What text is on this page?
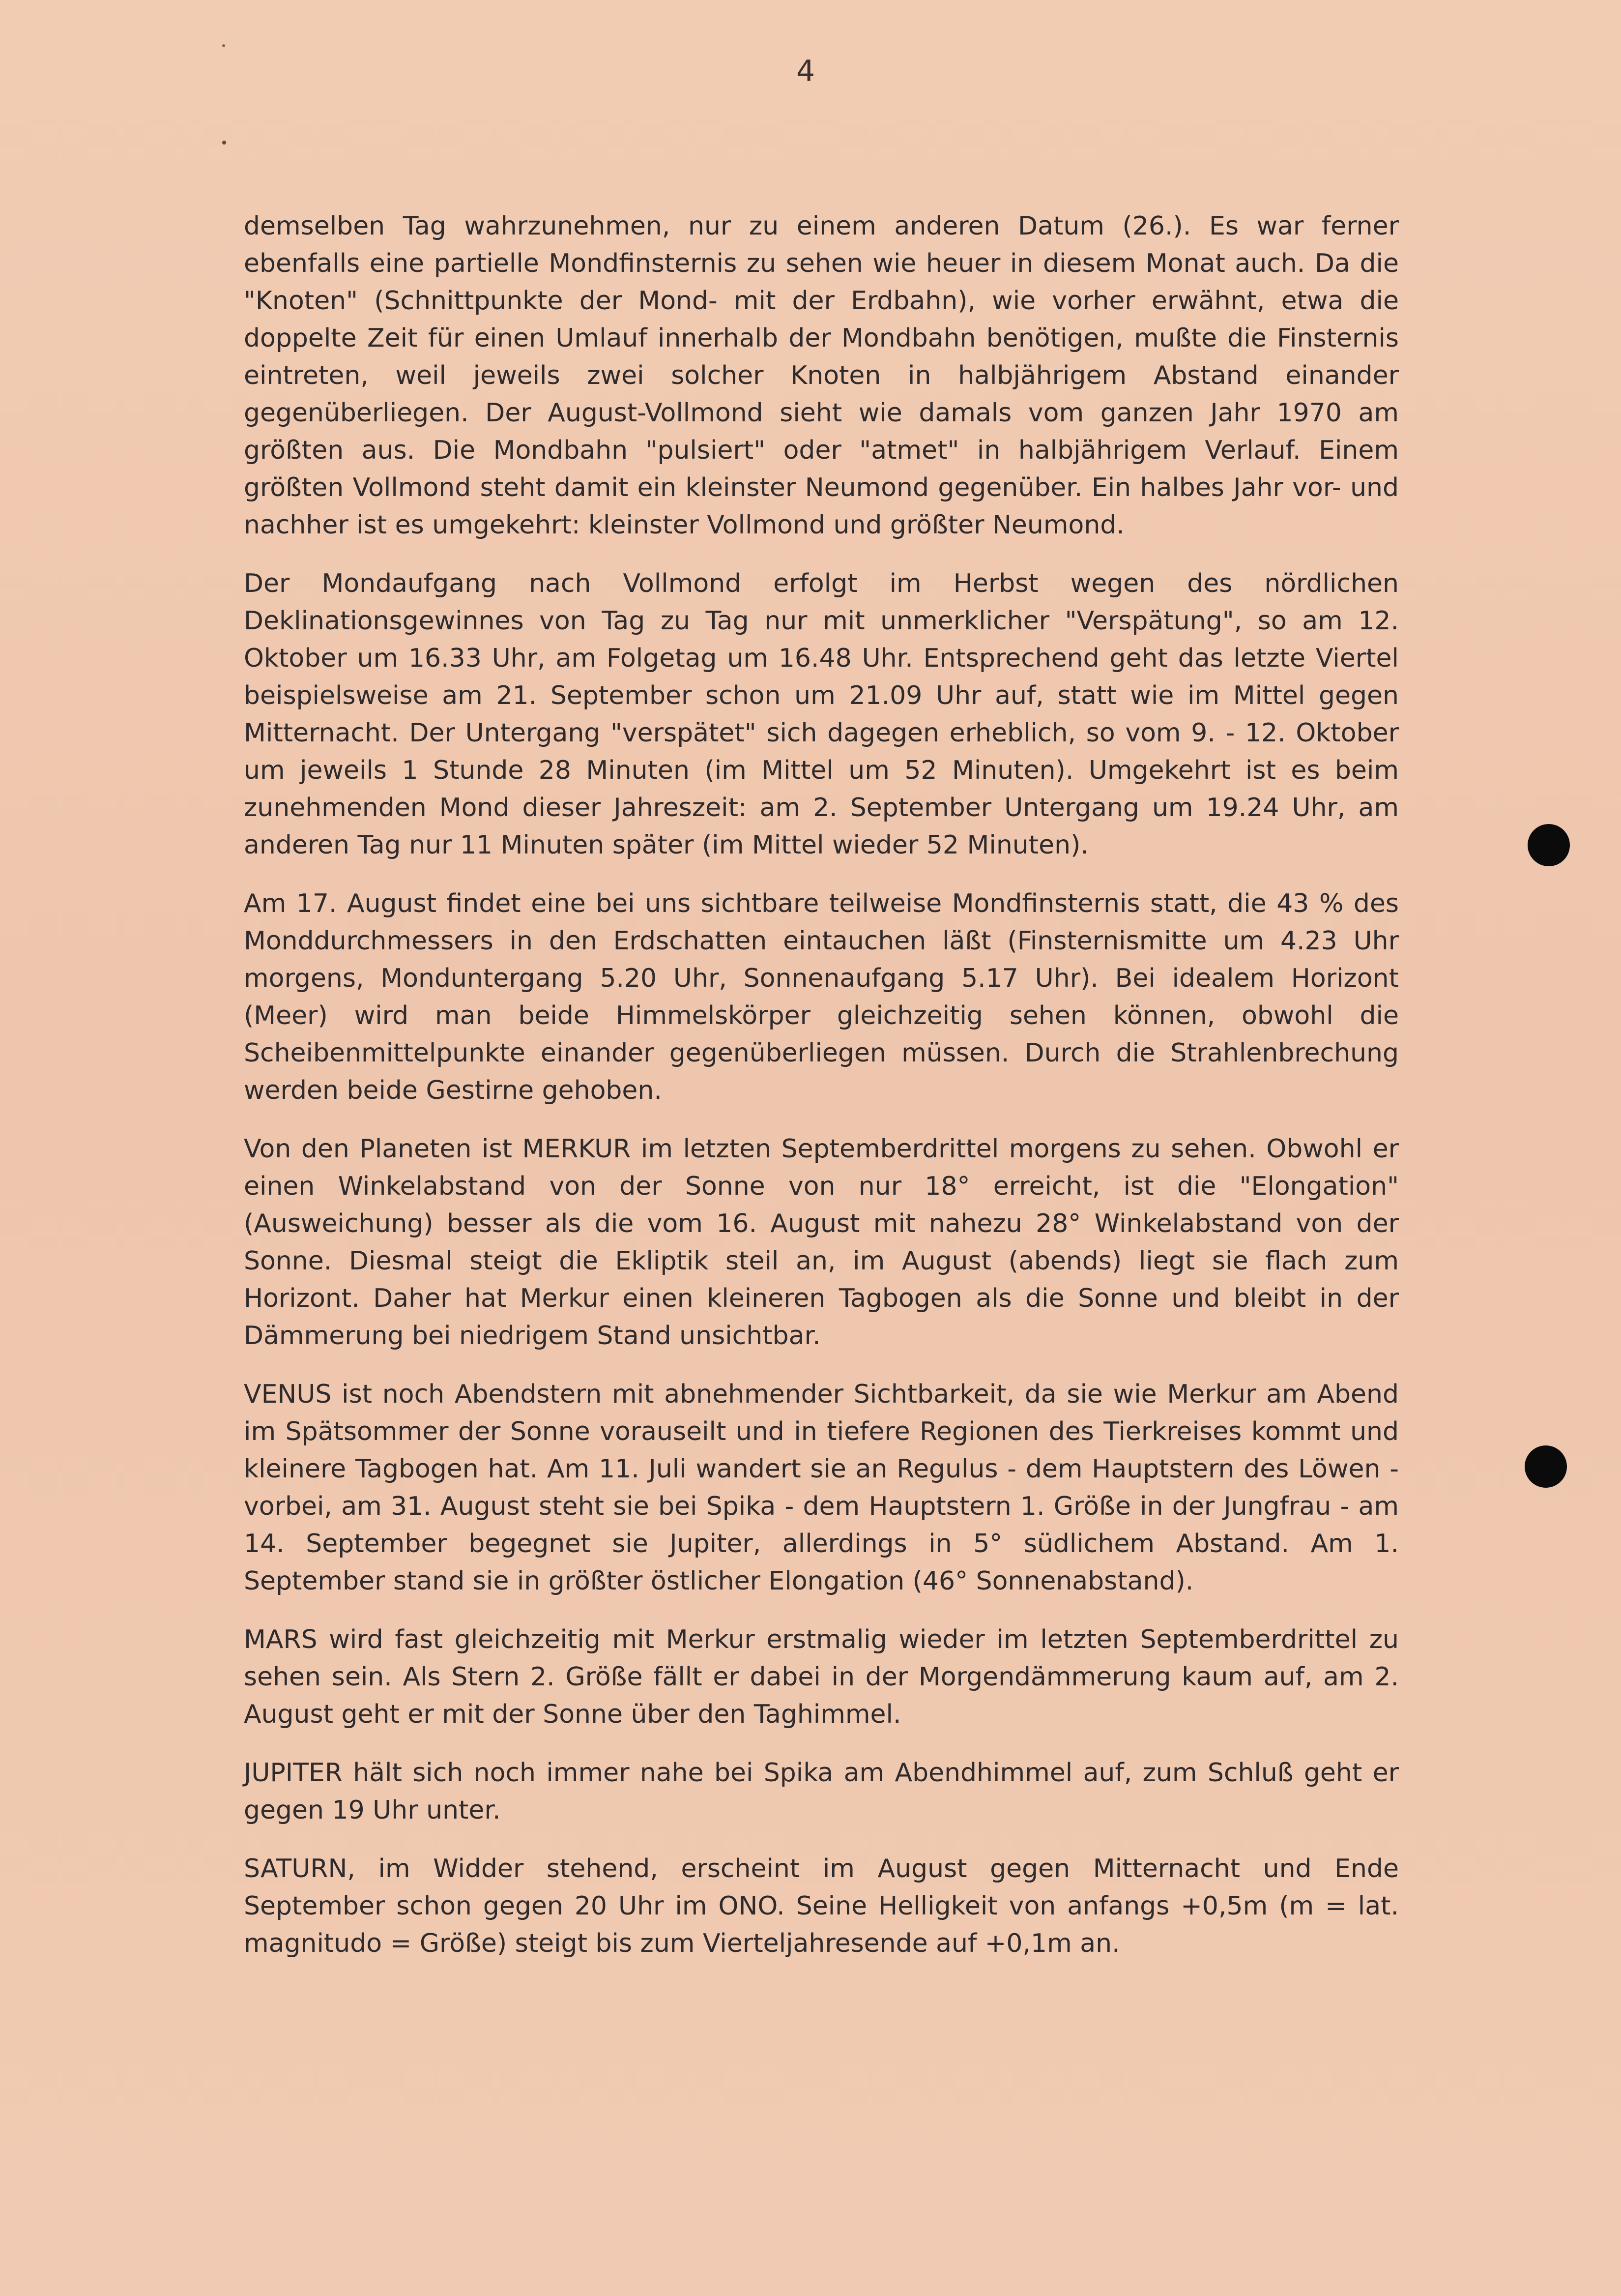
4

demselben Tag wahrzunehmen, nur zu einem anderen Datum (26.). Es war ferner ebenfalls eine partielle Mondfinsternis zu sehen wie heuer in diesem Monat auch. Da die "Knoten" (Schnittpunkte der Mond- mit der Erdbahn), wie vorher erwähnt, etwa die doppelte Zeit für einen Umlauf innerhalb der Mondbahn benötigen, mußte die Finsternis eintreten, weil jeweils zwei solcher Knoten in halbjährigem Abstand einander gegenüberliegen. Der August-Vollmond sieht wie damals vom ganzen Jahr 1970 am größten aus. Die Mondbahn "pulsiert" oder "atmet" in halbjährigem Verlauf. Einem größten Vollmond steht damit ein kleinster Neumond gegenüber. Ein halbes Jahr vor- und nachher ist es umgekehrt: kleinster Vollmond und größter Neumond.

Der Mondaufgang nach Vollmond erfolgt im Herbst wegen des nördlichen Deklinationsgewinnes von Tag zu Tag nur mit unmerklicher "Verspätung", so am 12. Oktober um 16.33 Uhr, am Folgetag um 16.48 Uhr. Entsprechend geht das letzte Viertel beispielsweise am 21. September schon um 21.09 Uhr auf, statt wie im Mittel gegen Mitternacht. Der Untergang "verspätet" sich dagegen erheblich, so vom 9. - 12. Oktober um jeweils 1 Stunde 28 Minuten (im Mittel um 52 Minuten). Umgekehrt ist es beim zunehmenden Mond dieser Jahreszeit: am 2. September Untergang um 19.24 Uhr, am anderen Tag nur 11 Minuten später (im Mittel wieder 52 Minuten).

Am 17. August findet eine bei uns sichtbare teilweise Mondfinsternis statt, die 43 % des Monddurchmessers in den Erdschatten eintauchen läßt (Finsternismitte um 4.23 Uhr morgens, Monduntergang 5.20 Uhr, Sonnenaufgang 5.17 Uhr). Bei idealem Horizont (Meer) wird man beide Himmelskörper gleichzeitig sehen können, obwohl die Scheibenmittelpunkte einander gegenüberliegen müssen. Durch die Strahlenbrechung werden beide Gestirne gehoben.

Von den Planeten ist MERKUR im letzten Septemberdrittel morgens zu sehen. Obwohl er einen Winkelabstand von der Sonne von nur 18° erreicht, ist die "Elongation" (Ausweichung) besser als die vom 16. August mit nahezu 28° Winkelabstand von der Sonne. Diesmal steigt die Ekliptik steil an, im August (abends) liegt sie flach zum Horizont. Daher hat Merkur einen kleineren Tagbogen als die Sonne und bleibt in der Dämmerung bei niedrigem Stand unsichtbar.

VENUS ist noch Abendstern mit abnehmender Sichtbarkeit, da sie wie Merkur am Abend im Spätsommer der Sonne vorauseilt und in tiefere Regionen des Tierkreises kommt und kleinere Tagbogen hat. Am 11. Juli wandert sie an Regulus - dem Hauptstern des Löwen - vorbei, am 31. August steht sie bei Spika - dem Hauptstern 1. Größe in der Jungfrau - am 14. September begegnet sie Jupiter, allerdings in 5° südlichem Abstand. Am 1. September stand sie in größter östlicher Elongation (46° Sonnenabstand).

MARS wird fast gleichzeitig mit Merkur erstmalig wieder im letzten Septemberdrittel zu sehen sein. Als Stern 2. Größe fällt er dabei in der Morgendämmerung kaum auf, am 2. August geht er mit der Sonne über den Taghimmel.

JUPITER hält sich noch immer nahe bei Spika am Abendhimmel auf, zum Schluß geht er gegen 19 Uhr unter.

SATURN, im Widder stehend, erscheint im August gegen Mitternacht und Ende September schon gegen 20 Uhr im ONO. Seine Helligkeit von anfangs +0,5m (m = lat. magnitudo = Größe) steigt bis zum Vierteljahresende auf +0,1m an.
